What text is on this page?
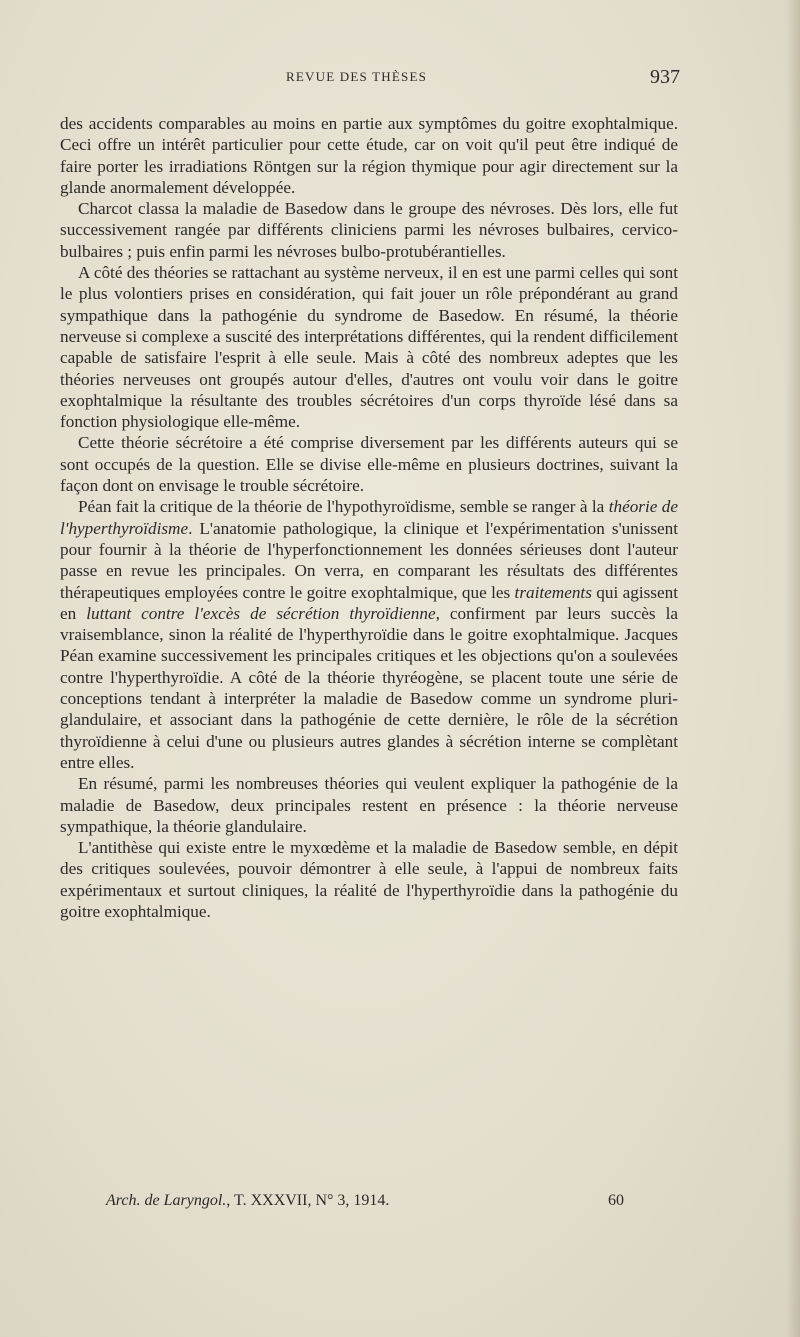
REVUE DES THÈSES	937

des accidents comparables au moins en partie aux symptômes du goitre exophtalmique. Ceci offre un intérêt particulier pour cette étude, car on voit qu'il peut être indiqué de faire porter les irradiations Röntgen sur la région thymique pour agir directement sur la glande anormalement développée.

Charcot classa la maladie de Basedow dans le groupe des névroses. Dès lors, elle fut successivement rangée par différents cliniciens parmi les névroses bulbaires, cervico-bulbaires ; puis enfin parmi les névroses bulbo-protubérantielles.

A côté des théories se rattachant au système nerveux, il en est une parmi celles qui sont le plus volontiers prises en considération, qui fait jouer un rôle prépondérant au grand sympathique dans la pathogénie du syndrome de Basedow. En résumé, la théorie nerveuse si complexe a suscité des interprétations différentes, qui la rendent difficilement capable de satisfaire l'esprit à elle seule. Mais à côté des nombreux adeptes que les théories nerveuses ont groupés autour d'elles, d'autres ont voulu voir dans le goitre exophtalmique la résultante des troubles sécrétoires d'un corps thyroïde lésé dans sa fonction physiologique elle-même.

Cette théorie sécrétoire a été comprise diversement par les différents auteurs qui se sont occupés de la question. Elle se divise elle-même en plusieurs doctrines, suivant la façon dont on envisage le trouble sécrétoire.

Péan fait la critique de la théorie de l'hypothyroïdisme, semble se ranger à la théorie de l'hyperthyroïdisme. L'anatomie pathologique, la clinique et l'expérimentation s'unissent pour fournir à la théorie de l'hyperfonctionnement les données sérieuses dont l'auteur passe en revue les principales. On verra, en comparant les résultats des différentes thérapeutiques employées contre le goitre exophtalmique, que les traitements qui agissent en luttant contre l'excès de sécrétion thyroïdienne, confirment par leurs succès la vraisemblance, sinon la réalité de l'hyperthyroïdie dans le goitre exophtalmique. Jacques Péan examine successivement les principales critiques et les objections qu'on a soulevées contre l'hyperthyroïdie. A côté de la théorie thyréogène, se placent toute une série de conceptions tendant à interpréter la maladie de Basedow comme un syndrome pluri-glandulaire, et associant dans la pathogénie de cette dernière, le rôle de la sécrétion thyroïdienne à celui d'une ou plusieurs autres glandes à sécrétion interne se complètant entre elles.

En résumé, parmi les nombreuses théories qui veulent expliquer la pathogénie de la maladie de Basedow, deux principales restent en présence : la théorie nerveuse sympathique, la théorie glandulaire.

L'antithèse qui existe entre le myxœdème et la maladie de Basedow semble, en dépit des critiques soulevées, pouvoir démontrer à elle seule, à l'appui de nombreux faits expérimentaux et surtout cliniques, la réalité de l'hyperthyroïdie dans la pathogénie du goitre exophtalmique.

Arch. de Laryngol., T. XXXVII, N° 3, 1914.	60
